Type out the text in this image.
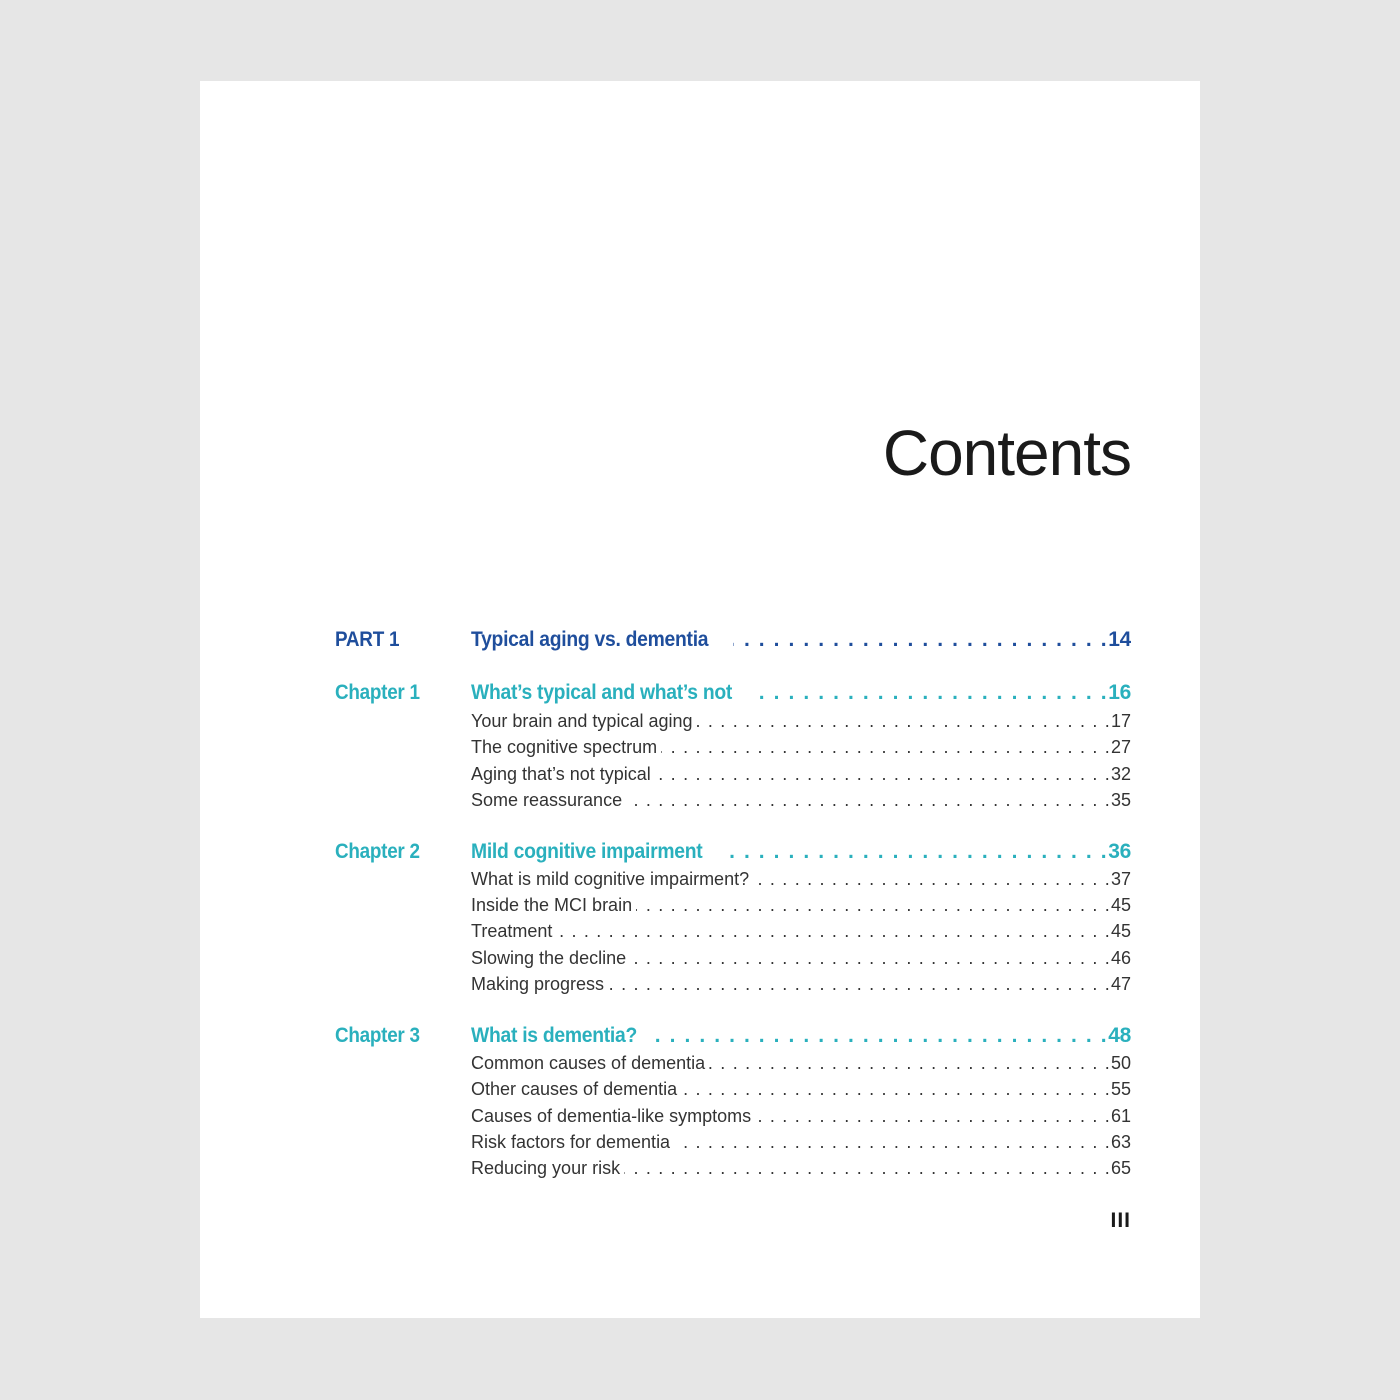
Contents
PART 1	Typical aging vs. dementia . . .	14
Chapter 1 What’s typical and what’s not . . .	16
Your brain and typical aging . . .	17
The cognitive spectrum . . .	27
Aging that’s not typical . . .	32
Some reassurance . . .	35
Chapter 2 Mild cognitive impairment . . .	36
What is mild cognitive impairment? . . .	37
Inside the MCI brain . . .	45
Treatment . . .	45
Slowing the decline . . .	46
Making progress . . .	47
Chapter 3 What is dementia? . . .	48
Common causes of dementia . . .	50
Other causes of dementia . . .	55
Causes of dementia-like symptoms . . .	61
Risk factors for dementia . . .	63
Reducing your risk . . .	65
III
